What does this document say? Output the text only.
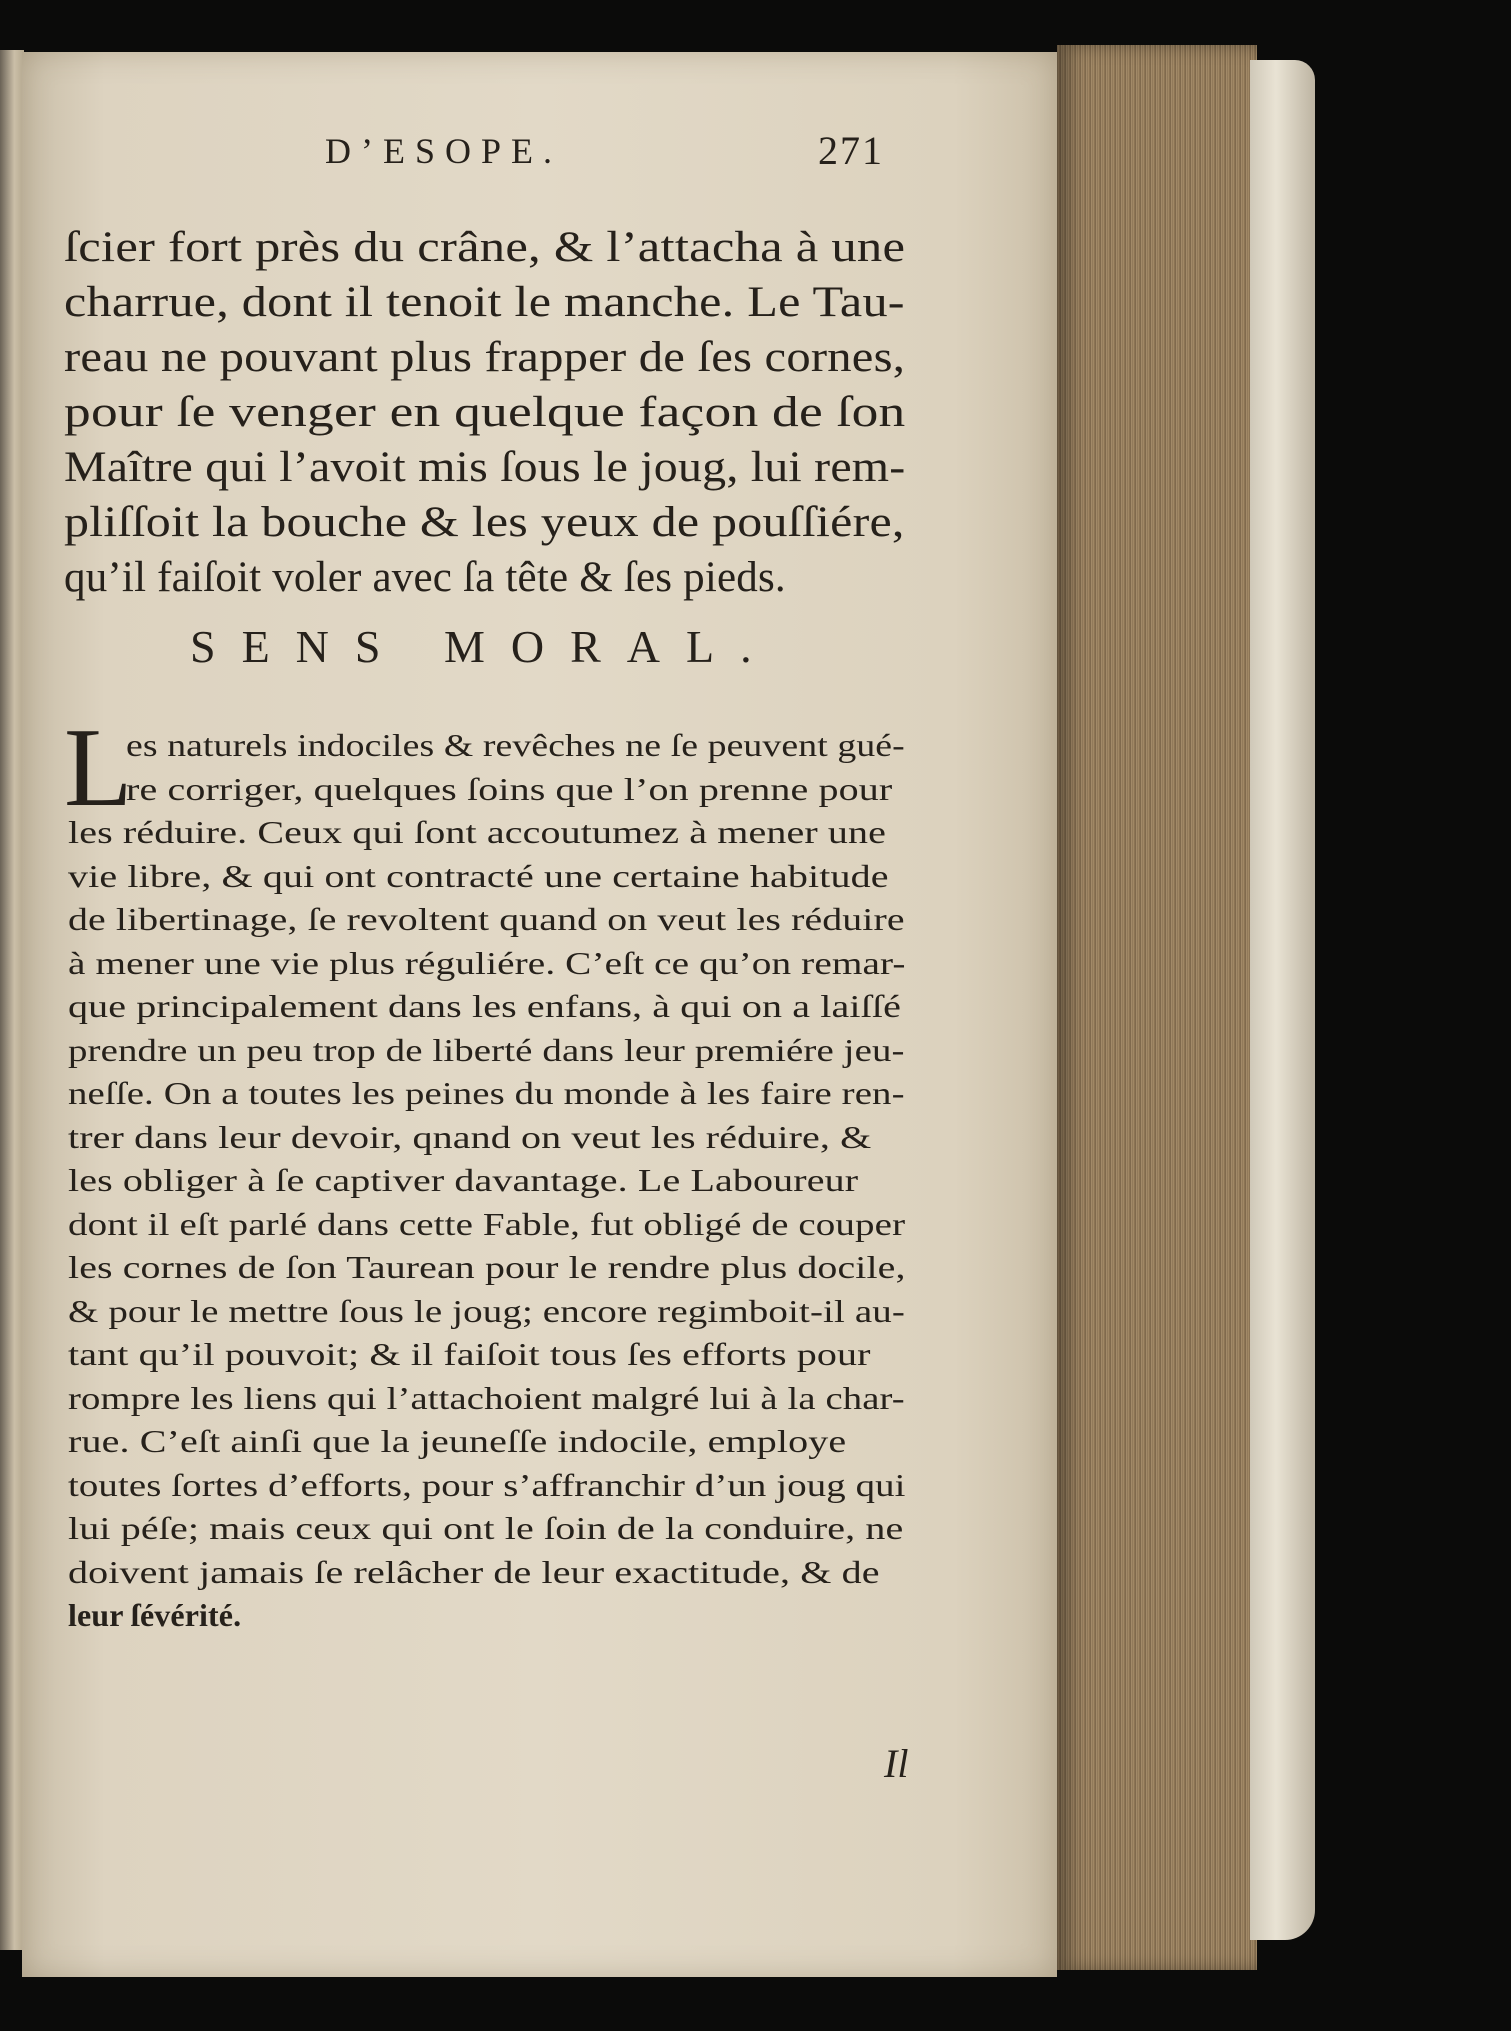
D’ESOPE.	271
ſcier fort près du crâne, & l’attacha à une
charrue, dont il tenoit le manche. Le Tau-
reau ne pouvant plus frapper de ſes cornes,
pour ſe venger en quelque façon de ſon
Maître qui l’avoit mis ſous le joug, lui rem-
pliſſoit la bouche & les yeux de pouſſiére,
qu’il faiſoit voler avec ſa tête & ſes pieds.
SENS MORAL.
L
es naturels indociles & revêches ne ſe peuvent gué-
re corriger, quelques ſoins que l’on prenne pour
les réduire. Ceux qui ſont accoutumez à mener une
vie libre, & qui ont contracté une certaine habitude
de libertinage, ſe revoltent quand on veut les réduire
à mener une vie plus réguliére. C’eſt ce qu’on remar-
que principalement dans les enfans, à qui on a laiſſé
prendre un peu trop de liberté dans leur premiére jeu-
neſſe. On a toutes les peines du monde à les faire ren-
trer dans leur devoir, qnand on veut les réduire, &
les obliger à ſe captiver davantage. Le Laboureur
dont il eſt parlé dans cette Fable, fut obligé de couper
les cornes de ſon Taurean pour le rendre plus docile,
& pour le mettre ſous le joug; encore regimboit-il au-
tant qu’il pouvoit; & il faiſoit tous ſes efforts pour
rompre les liens qui l’attachoient malgré lui à la char-
rue. C’eſt ainſi que la jeuneſſe indocile, employe
toutes ſortes d’efforts, pour s’affranchir d’un joug qui
lui péſe; mais ceux qui ont le ſoin de la conduire, ne
doivent jamais ſe relâcher de leur exactitude, & de
leur ſévérité.
Il
